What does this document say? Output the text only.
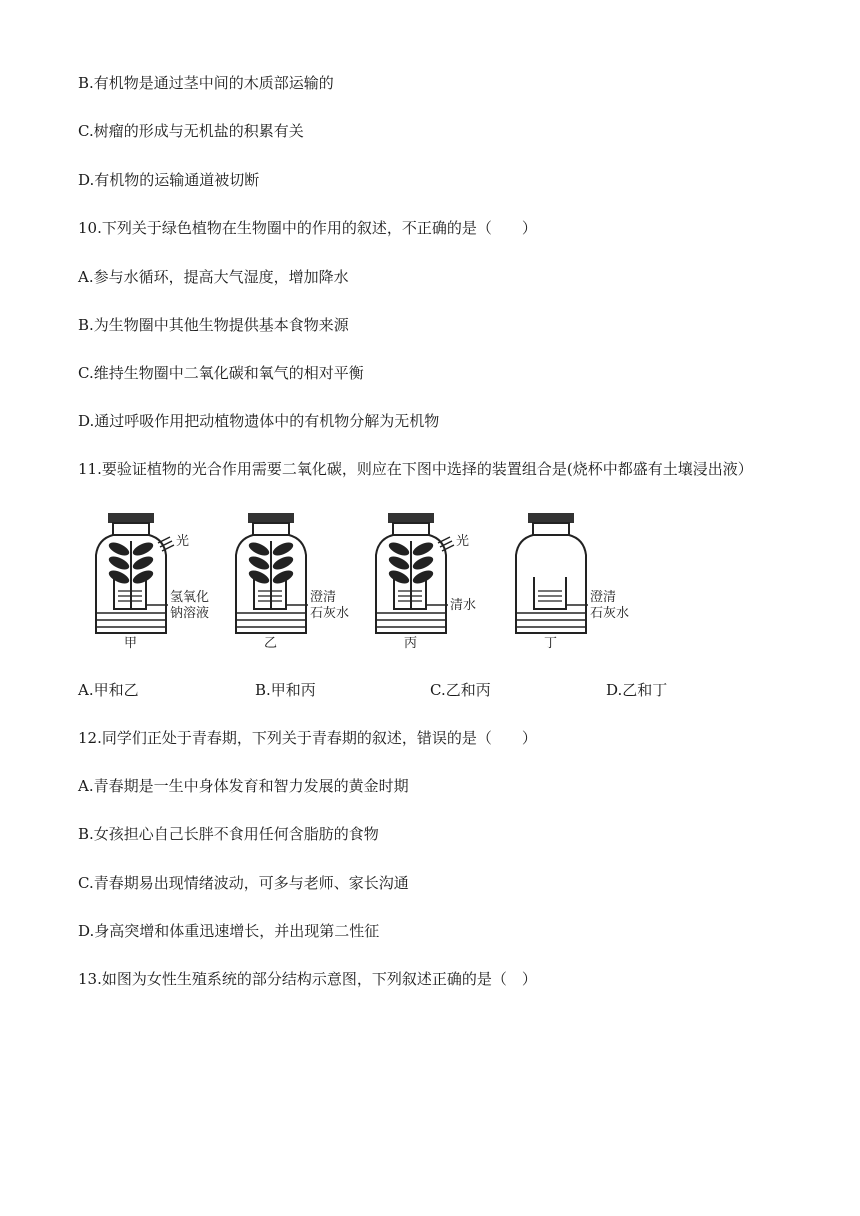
B.有机物是通过茎中间的木质部运输的
C.树瘤的形成与无机盐的积累有关
D.有机物的运输通道被切断
10.下列关于绿色植物在生物圈中的作用的叙述，不正确的是（　　）
A.参与水循环，提高大气湿度，增加降水
B.为生物圈中其他生物提供基本食物来源
C.维持生物圈中二氧化碳和氧气的相对平衡
D.通过呼吸作用把动植物遗体中的有机物分解为无机物
11.要验证植物的光合作用需要二氧化碳，则应在下图中选择的装置组合是(烧杯中都盛有土壤浸出液）
光
氢氧化
钠溶液
甲
澄清
石灰水
乙
光
清水
丙
澄清
石灰水
丁
A.甲和乙	B.甲和丙	C.乙和丙	D.乙和丁
12.同学们正处于青春期，下列关于青春期的叙述，错误的是（　　）
A.青春期是一生中身体发育和智力发展的黄金时期
B.女孩担心自己长胖不食用任何含脂肪的食物
C.青春期易出现情绪波动，可多与老师、家长沟通
D.身高突增和体重迅速增长，并出现第二性征
13.如图为女性生殖系统的部分结构示意图，下列叙述正确的是（　）
